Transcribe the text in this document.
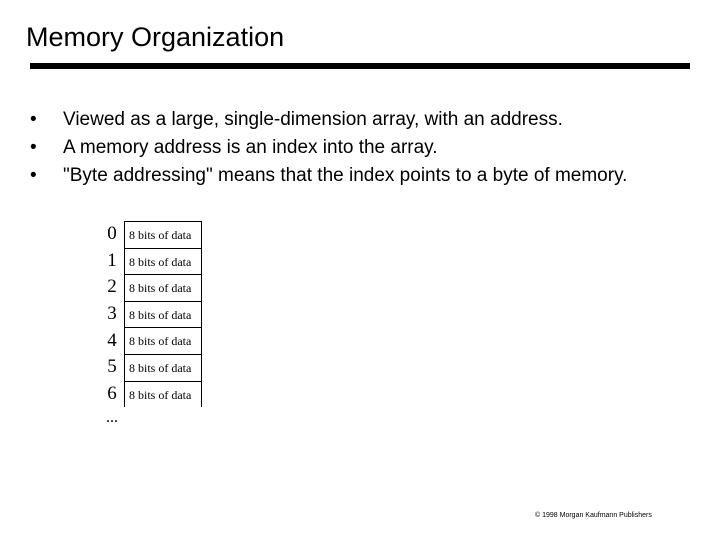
Memory Organization
•	Viewed as a large, single-dimension array, with an address.
•	A memory address is an index into the array.
•	"Byte addressing" means that the index points to a byte of memory.
0	8 bits of data
1	8 bits of data
2	8 bits of data
3	8 bits of data
4	8 bits of data
5	8 bits of data
6	8 bits of data
...
© 1998 Morgan Kaufmann Publishers
